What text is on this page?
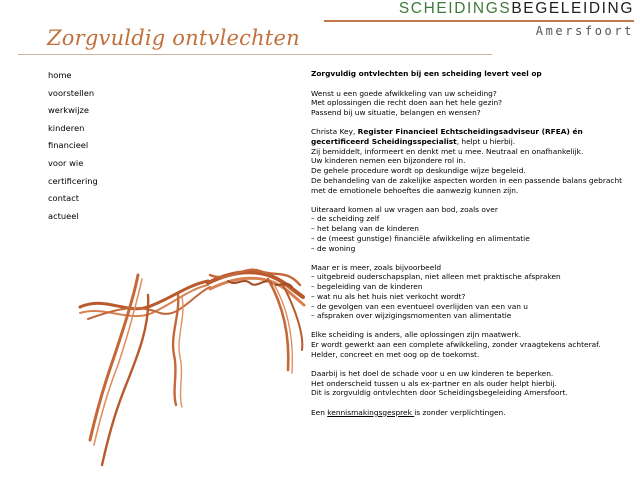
SCHEIDINGSBEGELEIDING
Amersfoort
Zorgvuldig ontvlechten
home
voorstellen
werkwijze
kinderen
financieel
voor wie
certificering
contact
actueel

Zorgvuldig ontvlechten bij een scheiding levert veel op

Wenst u een goede afwikkeling van uw scheiding?
Met oplossingen die recht doen aan het hele gezin?
Passend bij uw situatie, belangen en wensen?

Christa Key, Register Financieel Echtscheidingsadviseur (RFEA) én gecertificeerd Scheidingsspecialist, helpt u hierbij.
Zij bemiddelt, informeert en denkt met u mee. Neutraal en onafhankelijk.
Uw kinderen nemen een bijzondere rol in.
De gehele procedure wordt op deskundige wijze begeleid.
De behandeling van de zakelijke aspecten worden in een passende balans gebracht met de emotionele behoeftes die aanwezig kunnen zijn.

Uiteraard komen al uw vragen aan bod, zoals over
– de scheiding zelf
– het belang van de kinderen
– de (meest gunstige) financiële afwikkeling en alimentatie
– de woning

Maar er is meer, zoals bijvoorbeeld
– uitgebreid ouderschapsplan, niet alleen met praktische afspraken
– begeleiding van de kinderen
– wat nu als het huis niet verkocht wordt?
– de gevolgen van een eventueel overlijden van een van u
– afspraken over wijzigingsmomenten van alimentatie

Elke scheiding is anders, alle oplossingen zijn maatwerk.
Er wordt gewerkt aan een complete afwikkeling, zonder vraagtekens achteraf.
Helder, concreet en met oog op de toekomst.

Daarbij is het doel de schade voor u en uw kinderen te beperken.
Het onderscheid tussen u als ex-partner en als ouder helpt hierbij.
Dit is zorgvuldig ontvlechten door Scheidingsbegeleiding Amersfoort.

Een kennismakingsgesprek is zonder verplichtingen.
